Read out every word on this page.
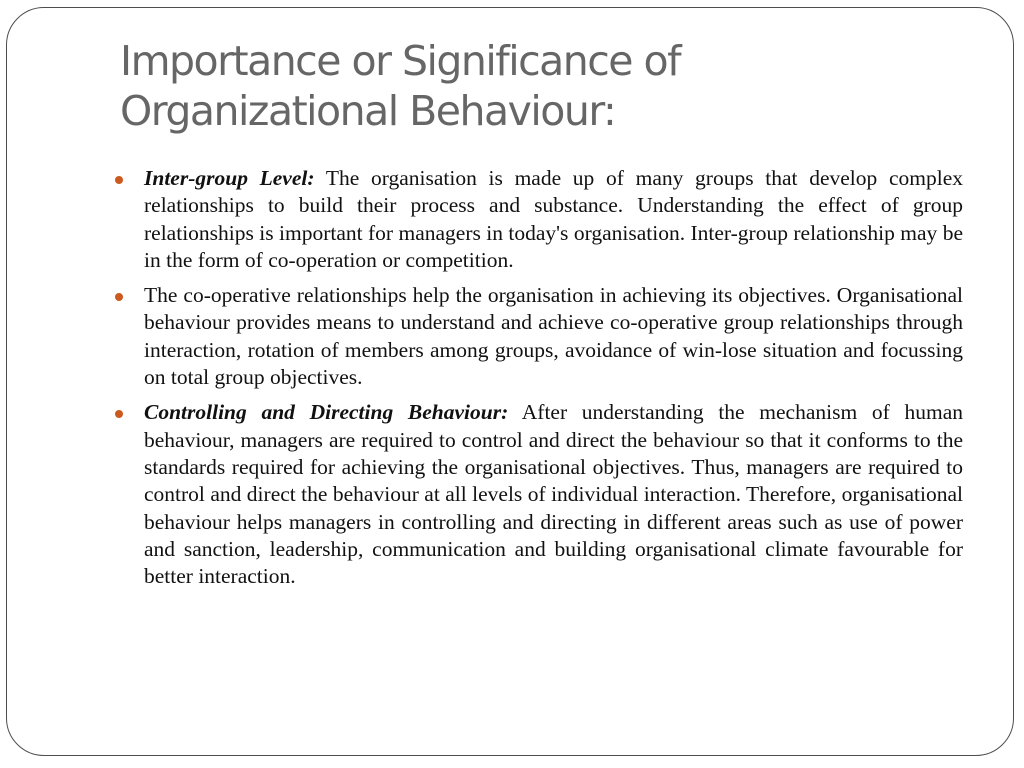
Importance or Significance of
Organizational Behaviour:
Inter-group Level: The organisation is made up of many groups that develop complex relationships to build their process and substance. Understanding the effect of group relationships is important for managers in today's organisation. Inter-group relationship may be in the form of co-operation or competition.
The co-operative relationships help the organisation in achieving its objectives. Organisational behaviour provides means to understand and achieve co-operative group relationships through interaction, rotation of members among groups, avoidance of win-lose situation and focussing on total group objectives.
Controlling and Directing Behaviour: After understanding the mechanism of human behaviour, managers are required to control and direct the behaviour so that it conforms to the standards required for achieving the organisational objectives. Thus, managers are required to control and direct the behaviour at all levels of individual interaction. Therefore, organisational behaviour helps managers in controlling and directing in different areas such as use of power and sanction, leadership, communication and building organisational climate favourable for better interaction.
